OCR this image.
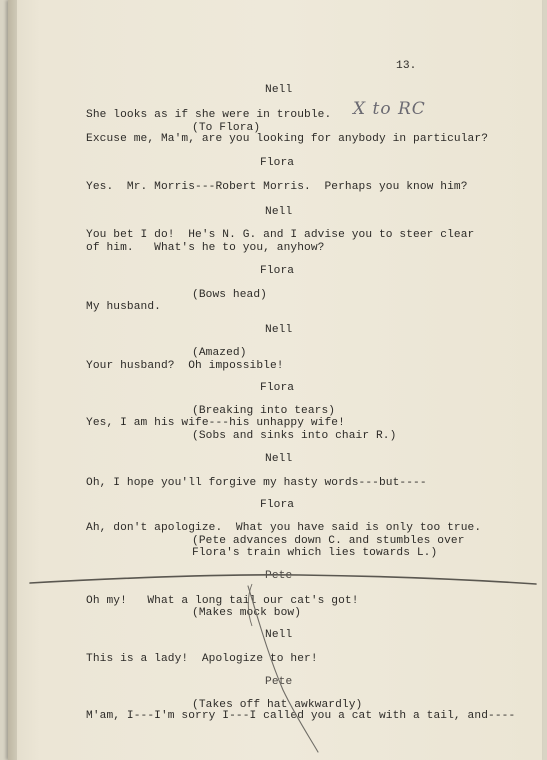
13.
Nell
She looks as if she were in trouble. X to RC
(To Flora)
Excuse me, Ma'm, are you looking for anybody in particular?
Flora
Yes.  Mr. Morris---Robert Morris.  Perhaps you know him?
Nell
You bet I do!  He's N. G. and I advise you to steer clear
of him.   What's he to you, anyhow?
Flora
(Bows head)
My husband.
Nell
(Amazed)
Your husband?  Oh impossible!
Flora
(Breaking into tears)
Yes, I am his wife---his unhappy wife!
(Sobs and sinks into chair R.)
Nell
Oh, I hope you'll forgive my hasty words---but----
Flora
Ah, don't apologize.  What you have said is only too true.
(Pete advances down C. and stumbles over
Flora's train which lies towards L.)
Pete
Oh my!   What a long tail our cat's got!
(Makes mock bow)
Nell
This is a lady!  Apologize to her!
Pete
(Takes off hat awkwardly)
M'am, I---I'm sorry I---I called you a cat with a tail, and----
